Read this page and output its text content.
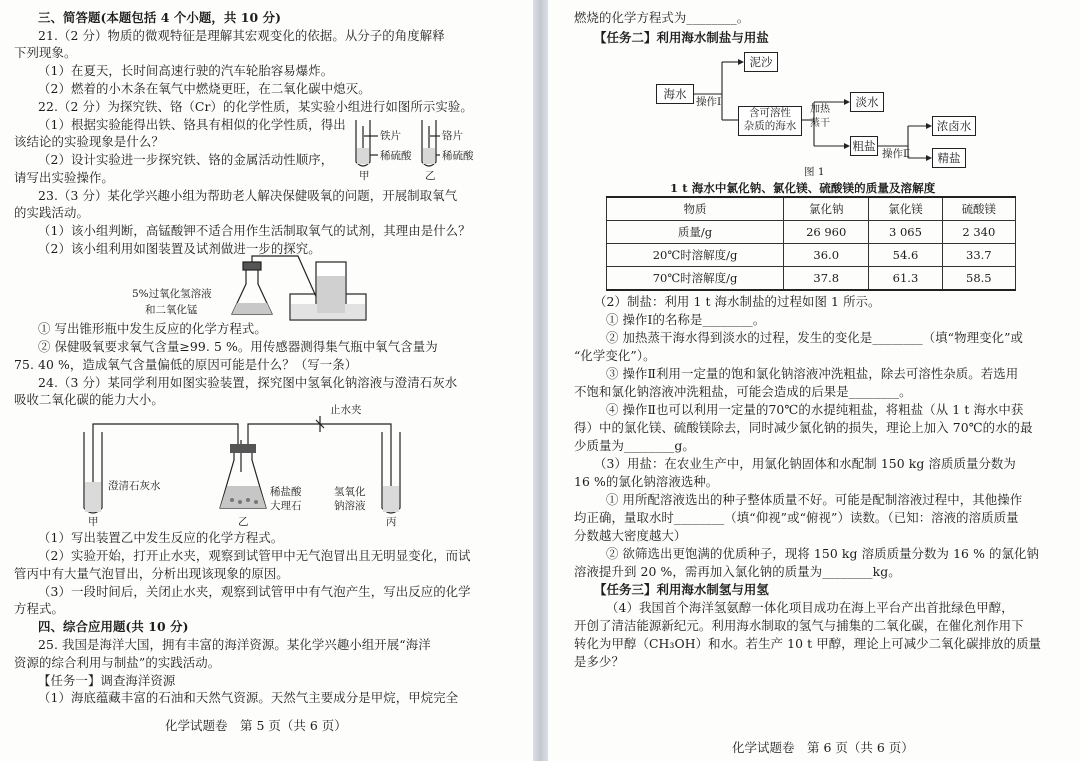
三、简答题(本题包括 4 个小题，共 10 分)
21.（2 分）物质的微观特征是理解其宏观变化的依据。从分子的角度解释
下列现象。
（1）在夏天，长时间高速行驶的汽车轮胎容易爆炸。
（2）燃着的小木条在氧气中燃烧更旺，在二氧化碳中熄灭。
22.（2 分）为探究铁、铬（Cr）的化学性质，某实验小组进行如图所示实验。
（1）根据实验能得出铁、铬具有相似的化学性质，得出
该结论的实验现象是什么？
（2）设计实验进一步探究铁、铬的金属活动性顺序，
请写出实验操作。
铁片
稀硫酸
铬片
稀硫酸
甲	乙
23.（3 分）某化学兴趣小组为帮助老人解决保健吸氧的问题，开展制取氧气
的实践活动。
（1）该小组判断，高锰酸钾不适合用作生活制取氧气的试剂，其理由是什么？
（2）该小组利用如图装置及试剂做进一步的探究。
5%过氧化氢溶液
和二氧化锰
① 写出锥形瓶中发生反应的化学方程式。
② 保健吸氧要求氧气含量≥99. 5 %。用传感器测得集气瓶中氧气含量为
75. 40 %，造成氧气含量偏低的原因可能是什么？（写一条）
24.（3 分）某同学利用如图实验装置，探究图中氢氧化钠溶液与澄清石灰水
吸收二氧化碳的能力大小。
止水夹
澄清石灰水	稀盐酸
大理石
氢氧化
钠溶液
甲	乙	丙
（1）写出装置乙中发生反应的化学方程式。
（2）实验开始，打开止水夹，观察到试管甲中无气泡冒出且无明显变化，而试
管丙中有大量气泡冒出，分析出现该现象的原因。
（3）一段时间后，关闭止水夹，观察到试管甲中有气泡产生，写出反应的化学
方程式。
四、综合应用题(共 10 分)
25. 我国是海洋大国，拥有丰富的海洋资源。某化学兴趣小组开展“海洋
资源的综合利用与制盐”的实践活动。
【任务一】调查海洋资源
（1）海底蕴藏丰富的石油和天然气资源。天然气主要成分是甲烷，甲烷完全
化学试题卷　第 5 页（共 6 页）
燃烧的化学方程式为________。
【任务二】利用海水制盐与用盐
海水
操作Ⅰ
泥沙
含可溶性
杂质的海水
加热
蒸干
淡水
粗盐
操作Ⅱ
浓卤水
精盐
图 1
1 t 海水中氯化钠、氯化镁、硫酸镁的质量及溶解度
物质	氯化钠	氯化镁	硫酸镁
质量/g	26 960	3 065	2 340
20℃时溶解度/g	36.0	54.6	33.7
70℃时溶解度/g	37.8	61.3	58.5
（2）制盐：利用 1 t 海水制盐的过程如图 1 所示。
① 操作Ⅰ的名称是________。
② 加热蒸干海水得到淡水的过程，发生的变化是________（填“物理变化”或
“化学变化”）。
③ 操作Ⅱ利用一定量的饱和氯化钠溶液冲洗粗盐，除去可溶性杂质。若选用
不饱和氯化钠溶液冲洗粗盐，可能会造成的后果是________。
④ 操作Ⅱ也可以利用一定量的70℃的水提纯粗盐，将粗盐（从 1 t 海水中获
得）中的氯化镁、硫酸镁除去，同时减少氯化钠的损失，理论上加入 70℃的水的最
少质量为________g。
（3）用盐：在农业生产中，用氯化钠固体和水配制 150 kg 溶质质量分数为
16 %的氯化钠溶液选种。
① 用所配溶液选出的种子整体质量不好。可能是配制溶液过程中，其他操作
均正确，量取水时________（填“仰视”或“俯视”）读数。（已知：溶液的溶质质量
分数越大密度越大）
② 欲筛选出更饱满的优质种子，现将 150 kg 溶质质量分数为 16 % 的氯化钠
溶液提升到 20 %，需再加入氯化钠的质量为________kg。
【任务三】利用海水制氢与用氢
（4）我国首个海洋氢氨醇一体化项目成功在海上平台产出首批绿色甲醇，
开创了清洁能源新纪元。利用海水制取的氢气与捕集的二氧化碳，在催化剂作用下
转化为甲醇（CH₃OH）和水。若生产 10 t 甲醇，理论上可减少二氧化碳排放的质量
是多少？
化学试题卷　第 6 页（共 6 页）
